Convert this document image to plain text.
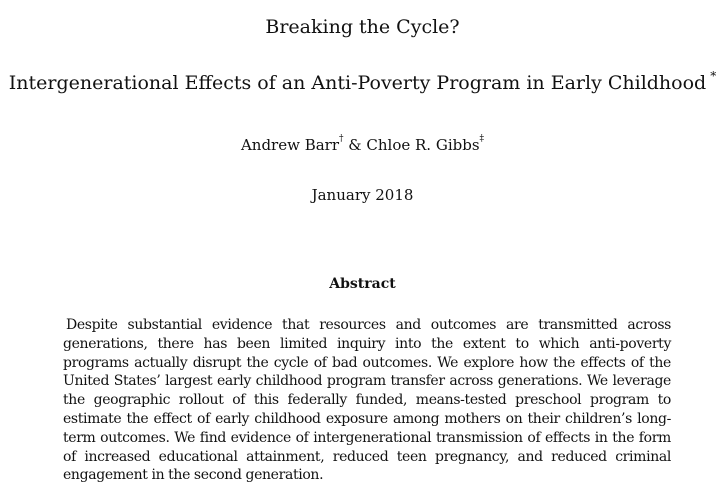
Breaking the Cycle?
Intergenerational Effects of an Anti-Poverty Program in Early Childhood *
Andrew Barr† & Chloe R. Gibbs‡
January 2018
Abstract

Despite substantial evidence that resources and outcomes are transmitted across generations, there has been limited inquiry into the extent to which anti-poverty programs actually disrupt the cycle of bad outcomes. We explore how the effects of the United States’ largest early childhood program transfer across generations. We leverage the geographic rollout of this federally funded, means-tested preschool program to estimate the effect of early childhood exposure among mothers on their children’s long-term outcomes. We find evidence of intergenerational transmission of effects in the form of increased educational attainment, reduced teen pregnancy, and reduced criminal engagement in the second generation.
